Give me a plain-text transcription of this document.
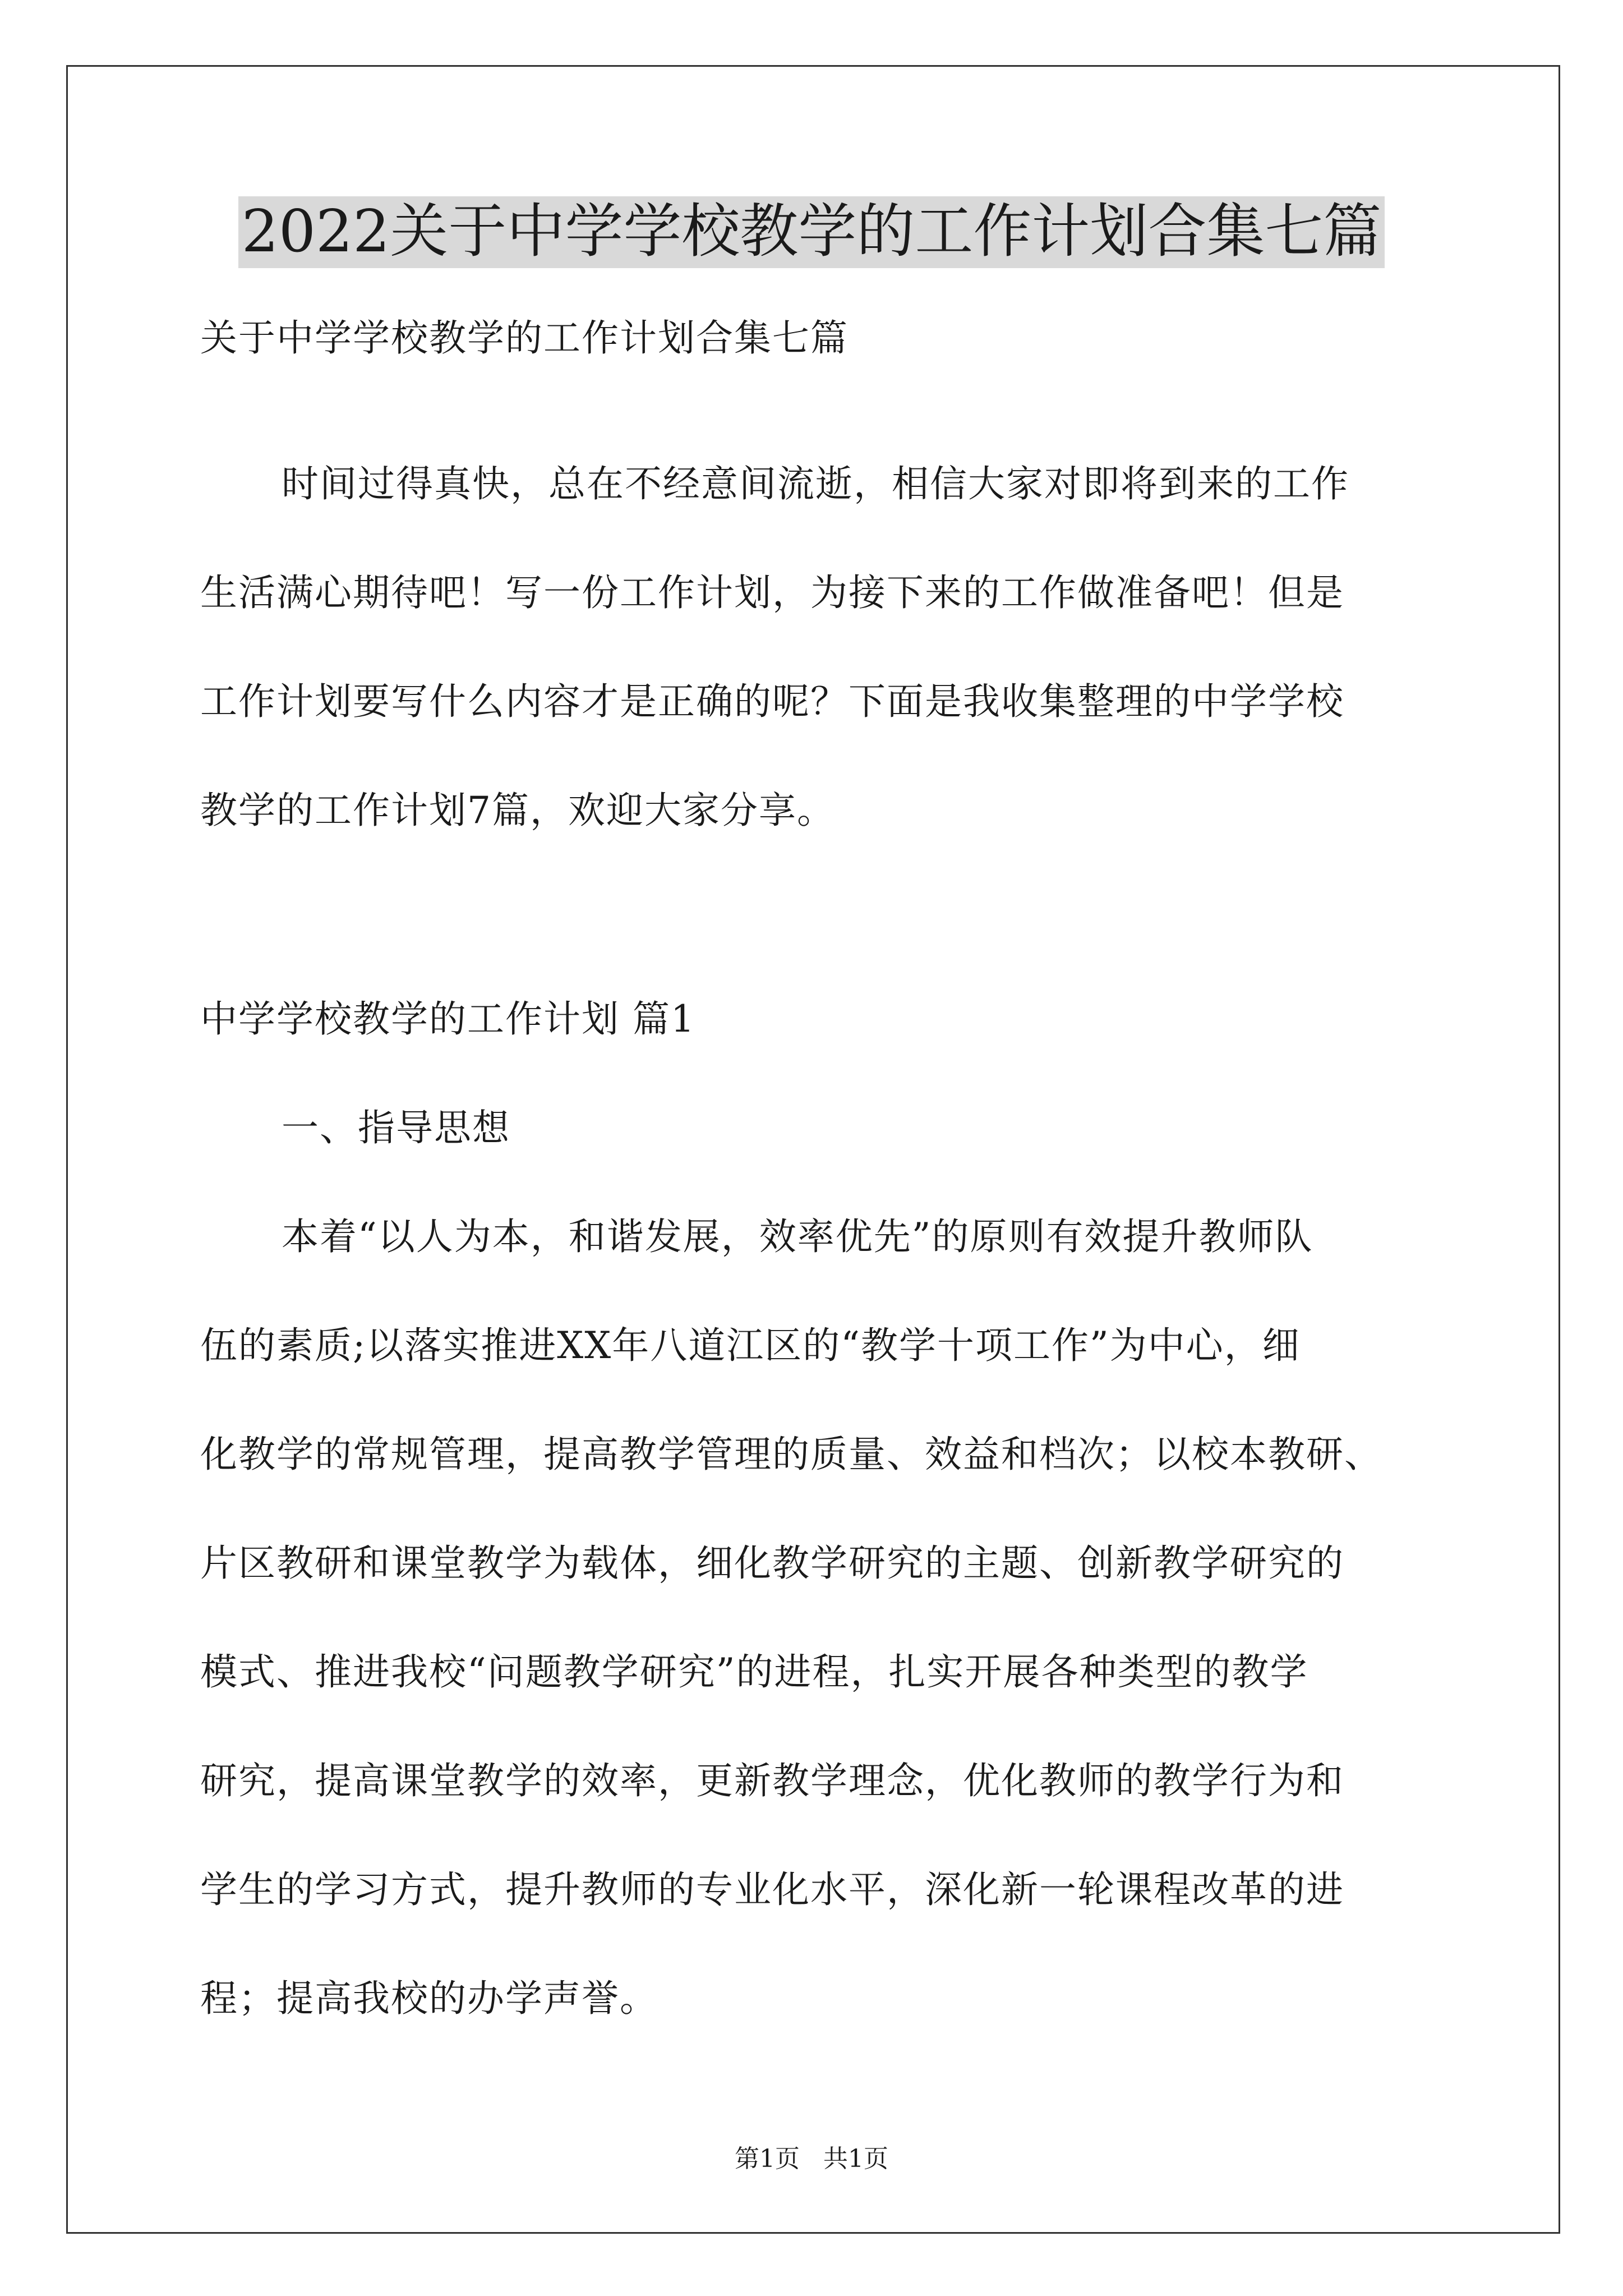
2022关于中学学校教学的工作计划合集七篇
关于中学学校教学的工作计划合集七篇
时间过得真快，总在不经意间流逝，相信大家对即将到来的工作
生活满心期待吧！写一份工作计划，为接下来的工作做准备吧！但是
工作计划要写什么内容才是正确的呢？下面是我收集整理的中学学校
教学的工作计划7篇，欢迎大家分享。
中学学校教学的工作计划 篇1
一、指导思想
本着“以人为本，和谐发展，效率优先”的原则有效提升教师队
伍的素质;以落实推进XX年八道江区的“教学十项工作”为中心，细
化教学的常规管理，提高教学管理的质量、效益和档次；以校本教研、
片区教研和课堂教学为载体，细化教学研究的主题、创新教学研究的
模式、推进我校“问题教学研究”的进程，扎实开展各种类型的教学
研究，提高课堂教学的效率，更新教学理念，优化教师的教学行为和
学生的学习方式，提升教师的专业化水平，深化新一轮课程改革的进
程；提高我校的办学声誉。
第1页   共1页
